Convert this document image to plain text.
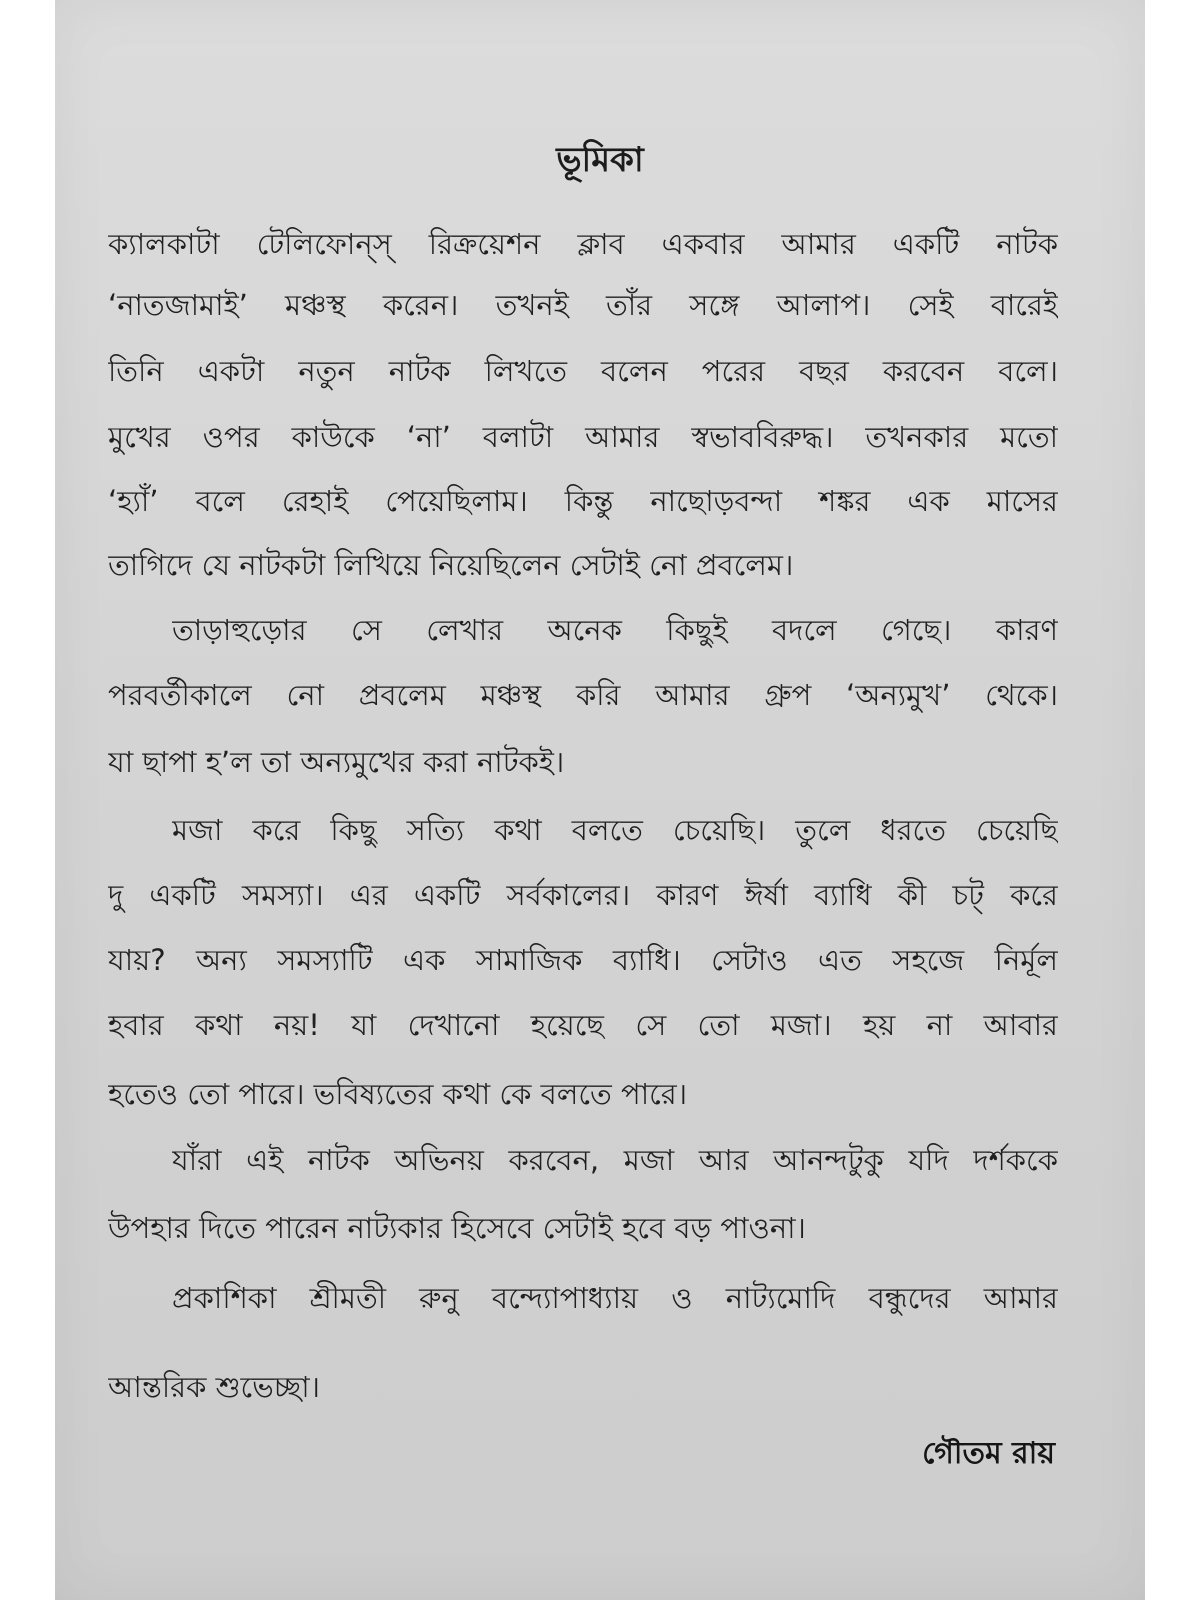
ভূমিকা
ক্যালকাটা টেলিফোন্স্ রিক্রয়েশন ক্লাব একবার আমার একটি নাটক
‘নাতজামাই’ মঞ্চস্থ করেন। তখনই তাঁর সঙ্গে আলাপ। সেই বারেই
তিনি একটা নতুন নাটক লিখতে বলেন পরের বছর করবেন বলে।
মুখের ওপর কাউকে ‘না’ বলাটা আমার স্বভাববিরুদ্ধ। তখনকার মতো
‘হ্যাঁ’ বলে রেহাই পেয়েছিলাম। কিন্তু নাছোড়বন্দা শঙ্কর এক মাসের
তাগিদে যে নাটকটা লিখিয়ে নিয়েছিলেন সেটাই নো প্রবলেম।
তাড়াহুড়োর সে লেখার অনেক কিছুই বদলে গেছে। কারণ
পরবর্তীকালে নো প্রবলেম মঞ্চস্থ করি আমার গ্রুপ ‘অন্যমুখ’ থেকে।
যা ছাপা হ’ল তা অন্যমুখের করা নাটকই।
মজা করে কিছু সত্যি কথা বলতে চেয়েছি। তুলে ধরতে চেয়েছি
দু একটি সমস্যা। এর একটি সর্বকালের। কারণ ঈর্ষা ব্যাধি কী চট্ করে
যায়? অন্য সমস্যাটি এক সামাজিক ব্যাধি। সেটাও এত সহজে নির্মূল
হবার কথা নয়! যা দেখানো হয়েছে সে তো মজা। হয় না আবার
হতেও তো পারে। ভবিষ্যতের কথা কে বলতে পারে।
যাঁরা এই নাটক অভিনয় করবেন, মজা আর আনন্দটুকু যদি দর্শককে
উপহার দিতে পারেন নাট্যকার হিসেবে সেটাই হবে বড় পাওনা।
প্রকাশিকা শ্রীমতী রুনু বন্দ্যোপাধ্যায় ও নাট্যমোদি বন্ধুদের আমার
আন্তরিক শুভেচ্ছা।
গৌতম রায়
